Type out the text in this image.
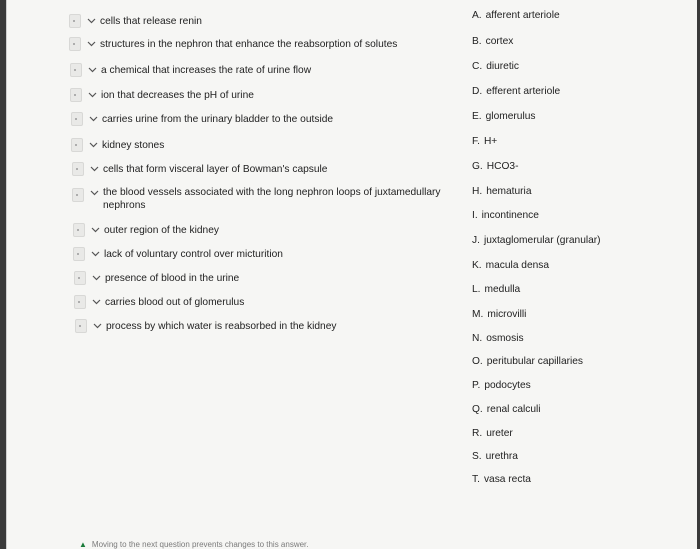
cells that release renin
structures in the nephron that enhance the reabsorption of solutes
a chemical that increases the rate of urine flow
ion that decreases the pH of urine
carries urine from the urinary bladder to the outside
kidney stones
cells that form visceral layer of Bowman's capsule
the blood vessels associated with the long nephron loops of juxtamedullary nephrons
outer region of the kidney
lack of voluntary control over micturition
presence of blood in the urine
carries blood out of glomerulus
process by which water is reabsorbed in the kidney
A. afferent arteriole
B. cortex
C. diuretic
D. efferent arteriole
E. glomerulus
F. H+
G. HCO3-
H. hematuria
I. incontinence
J. juxtaglomerular (granular)
K. macula densa
L. medulla
M. microvilli
N. osmosis
O. peritubular capillaries
P. podocytes
Q. renal calculi
R. ureter
S. urethra
T. vasa recta
▲ Moving to the next question prevents changes to this answer.
